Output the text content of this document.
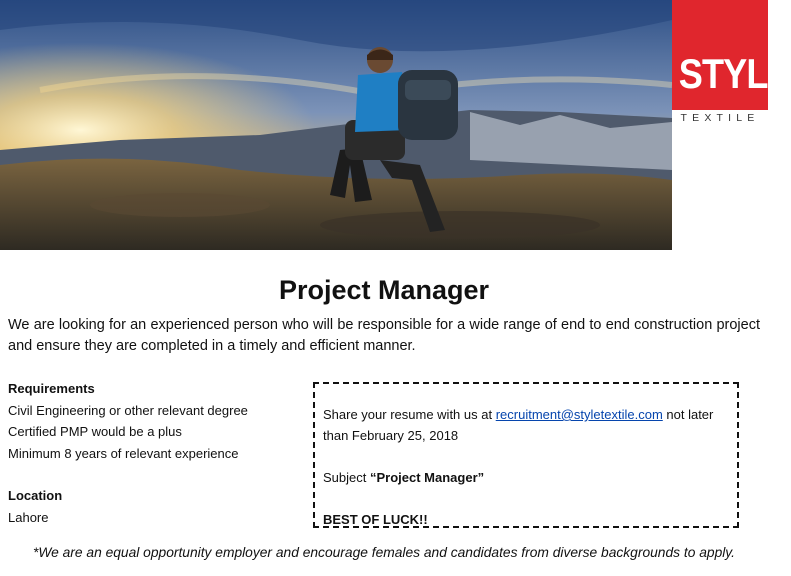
STYLE
TEXTILE
Project Manager
We are looking for an experienced person who will be responsible for a wide range of end to end construction project and ensure they are completed in a timely and efficient manner.
Requirements
Civil Engineering or other relevant degree
Certified PMP would be a plus
Minimum 8 years of relevant experience
Location
Lahore
Share your resume with us at recruitment@styletextile.com not later than February 25, 2018
Subject “Project Manager”
BEST OF LUCK!!
*We are an equal opportunity employer and encourage females and candidates from diverse backgrounds to apply.
